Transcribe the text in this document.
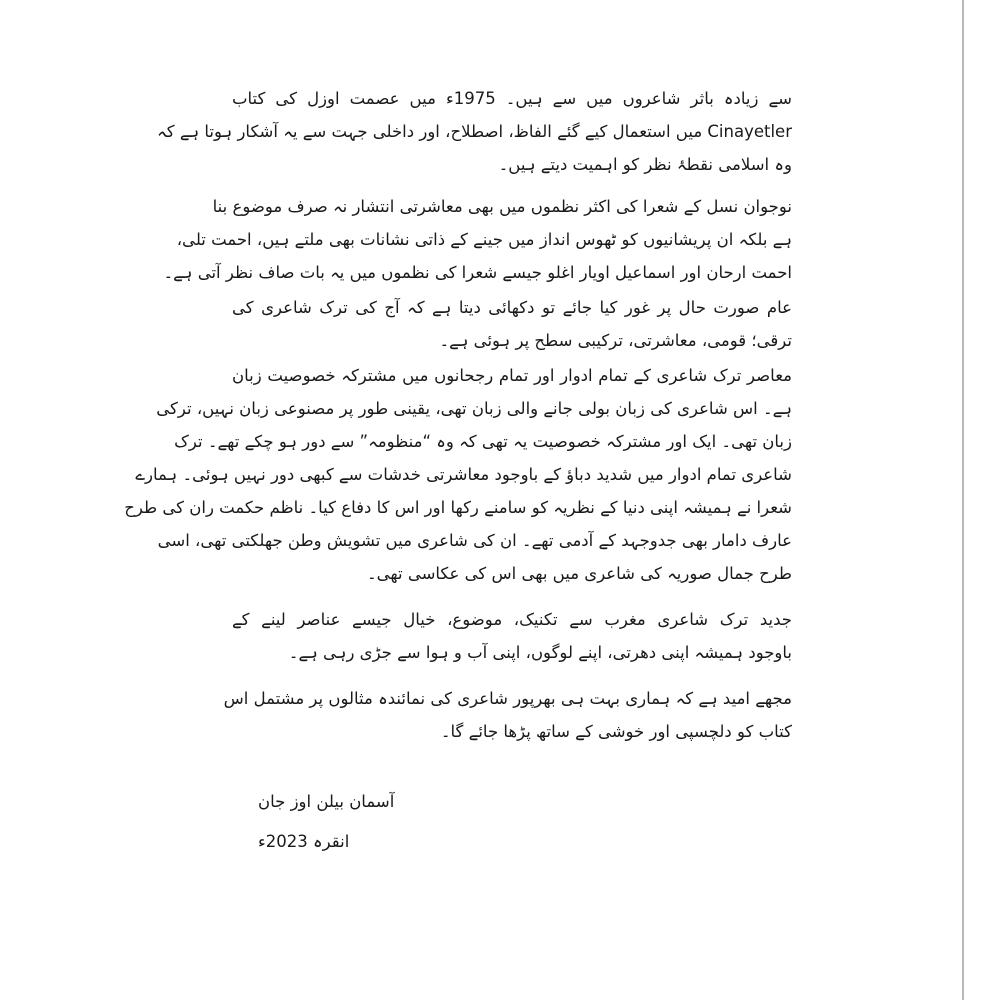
سے زیادہ باثر شاعروں میں سے ہیں۔ 1975ء میں عصمت اوزل کی کتاب
Cinayetler میں استعمال کیے گئے الفاظ، اصطلاح، اور داخلی جہت سے یہ آشکار ہوتا ہے کہ
وہ اسلامی نقطۂ نظر کو اہمیت دیتے ہیں۔

نوجوان نسل کے شعرا کی اکثر نظموں میں بھی معاشرتی انتشار نہ صرف موضوع بنا
ہے بلکہ ان پریشانیوں کو ٹھوس انداز میں جینے کے ذاتی نشانات بھی ملتے ہیں، احمت تلی،
احمت ارحان اور اسماعیل اویار اغلو جیسے شعرا کی نظموں میں یہ بات صاف نظر آتی ہے۔

عام صورت حال پر غور کیا جائے تو دکھائی دیتا ہے کہ آج کی ترک شاعری کی
ترقی؛ قومی، معاشرتی، ترکیبی سطح پر ہوئی ہے۔

معاصر ترک شاعری کے تمام ادوار اور تمام رجحانوں میں مشترکہ خصوصیت زبان
ہے۔ اس شاعری کی زبان بولی جانے والی زبان تھی، یقینی طور پر مصنوعی زبان نہیں، ترکی
زبان تھی۔ ایک اور مشترکہ خصوصیت یہ تھی کہ وہ “منظومہ” سے دور ہو چکے تھے۔ ترک
شاعری تمام ادوار میں شدید دباؤ کے باوجود معاشرتی خدشات سے کبھی دور نہیں ہوئی۔ ہمارے
شعرا نے ہمیشہ اپنی دنیا کے نظریہ کو سامنے رکھا اور اس کا دفاع کیا۔ ناظم حکمت ران کی طرح
عارف دامار بھی جدوجہد کے آدمی تھے۔ ان کی شاعری میں تشویش وطن جھلکتی تھی، اسی
طرح جمال صوریہ کی شاعری میں بھی اس کی عکاسی تھی۔

جدید ترک شاعری مغرب سے تکنیک، موضوع، خیال جیسے عناصر لینے کے
باوجود ہمیشہ اپنی دھرتی، اپنے لوگوں، اپنی آب و ہوا سے جڑی رہی ہے۔

مجھے امید ہے کہ ہماری بہت ہی بھرپور شاعری کی نمائندہ مثالوں پر مشتمل اس
کتاب کو دلچسپی اور خوشی کے ساتھ پڑھا جائے گا۔

آسمان بیلن اوز جان
انقرہ 2023ء
